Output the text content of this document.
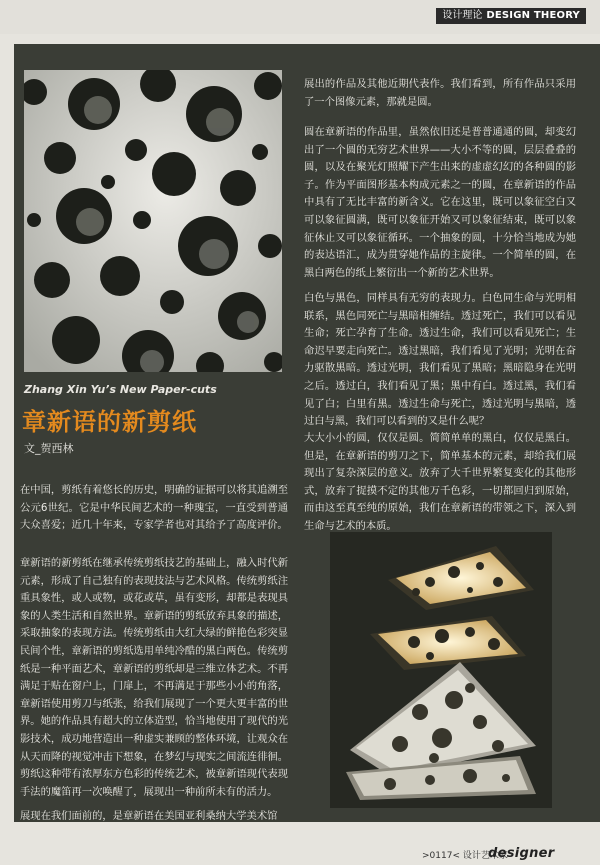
设计理论 DESIGN THEORY
Zhang Xin Yu’s New Paper-cuts
章新语的新剪纸
文_贺西林

在中国，剪纸有着悠长的历史，明确的证据可以将其追溯至公元6世纪。它是中华民间艺术的一种瑰宝，一直受到普通大众喜爱；近几十年来，专家学者也对其给予了高度评价。

章新语的新剪纸在继承传统剪纸技艺的基础上，融入时代新元素，形成了自己独有的表现技法与艺术风格。传统剪纸注重具象性，或人或物，或花或草，虽有变形，却都是表现具象的人类生活和自然世界。章新语的剪纸放弃具象的描述，采取抽象的表现方法。传统剪纸由大红大绿的鲜艳色彩突显民间个性，章新语的剪纸选用单纯冷酷的黑白两色。传统剪纸是一种平面艺术，章新语的剪纸却是三维立体艺术。不再满足于贴在窗户上，门扉上，不再满足于那些小小的角落，章新语使用剪刀与纸张，给我们展现了一个更大更丰富的世界。她的作品具有超大的立体造型，恰当地使用了现代的光影技术，成功地营造出一种虚实兼顾的整体环境，让观众在从天而降的视觉冲击下想象，在梦幻与现实之间流连徘徊。剪纸这种带有浓厚东方色彩的传统艺术，被章新语现代表现手法的魔笛再一次唤醒了，展现出一种前所未有的活力。

展现在我们面前的，是章新语在美国亚利桑纳大学美术馆

展出的作品及其他近期代表作。我们看到，所有作品只采用了一个图像元素，那就是圆。

圆在章新语的作品里，虽然依旧还是普普通通的圆，却变幻出了一个圆的无穷艺术世界——大小不等的圆，层层叠叠的圆，以及在聚光灯照耀下产生出来的虚虚幻幻的各种圆的影子。作为平面图形基本构成元素之一的圆，在章新语的作品中具有了无比丰富的新含义。它在这里，既可以象征空白又可以象征圆满，既可以象征开始又可以象征结束，既可以象征休止又可以象征循环。一个抽象的圆，十分恰当地成为她的表达语汇，成为贯穿她作品的主旋律。一个简单的圆，在黑白两色的纸上繁衍出一个新的艺术世界。

白色与黑色，同样具有无穷的表现力。白色同生命与光明相联系，黑色同死亡与黑暗相缠结。透过死亡，我们可以看见生命；死亡孕育了生命。透过生命，我们可以看见死亡；生命迟早要走向死亡。透过黑暗，我们看见了光明；光明在奋力驱散黑暗。透过光明，我们看见了黑暗；黑暗隐身在光明之后。透过白，我们看见了黑；黑中有白。透过黑，我们看见了白；白里有黑。透过生命与死亡，透过光明与黑暗，透过白与黑，我们可以看到的又是什么呢？

大大小小的圆，仅仅是圆。简简单单的黑白，仅仅是黑白。但是，在章新语的剪刀之下，简单基本的元素，却给我们展现出了复杂深层的意义。放弃了大千世界繁复变化的其他形式，放弃了捉摸不定的其他万千色彩，一切都回归到原始，而由这至真至纯的原始，我们在章新语的带领之下，深入到生命与艺术的本质。

>0117< 设计艺术家
designer
